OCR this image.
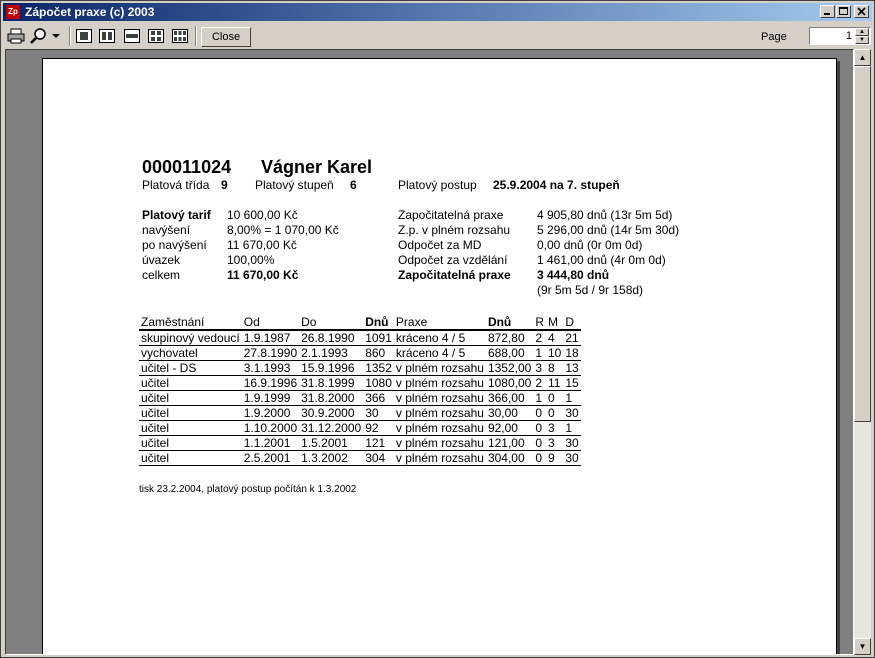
Zp Zápočet praxe (c) 2003
Close	Page	1	▲
▼
000011024 Vágner Karel
Platová třída 9 Platový stupeň 6	Platový postup 25.9.2004 na 7. stupeň
Platový tarif 10 600,00 Kč
navýšení	8,00% = 1 070,00 Kč
po navýšení 11 670,00 Kč
úvazek	100,00%
celkem	11 670,00 Kč
Započitatelná praxe	4 905,80 dnů (13r 5m 5d)
Z.p. v plném rozsahu 5 296,00 dnů (14r 5m 30d)
Odpočet za MD	0,00 dnů (0r 0m 0d)
Odpočet za vzdělání 1 461,00 dnů (4r 0m 0d)
Započitatelná praxe 3 444,80 dnů
(9r 5m 5d / 9r 158d)
Zaměstnání	Od	Do	Dnů	Praxe	Dnů	R	M	D
skupinový vedoucí	1.9.1987	26.8.1990	1091	kráceno 4 / 5	872,80	2	4	21
vychovatel	27.8.1990	2.1.1993	860	kráceno 4 / 5	688,00	1	10	18
učitel - DS	3.1.1993	15.9.1996	1352	v plném rozsahu	1352,00	3	8	13
učitel	16.9.1996	31.8.1999	1080	v plném rozsahu	1080,00	2	11	15
učitel	1.9.1999	31.8.2000	366	v plném rozsahu	366,00	1	0	1
učitel	1.9.2000	30.9.2000	30	v plném rozsahu	30,00	0	0	30
učitel	1.10.2000	31.12.2000	92	v plném rozsahu	92,00	0	3	1
učitel	1.1.2001	1.5.2001	121	v plném rozsahu	121,00	0	3	30
učitel	2.5.2001	1.3.2002	304	v plném rozsahu	304,00	0	9	30
tisk 23.2.2004, platový postup počítán k 1.3.2002
▲
▼
